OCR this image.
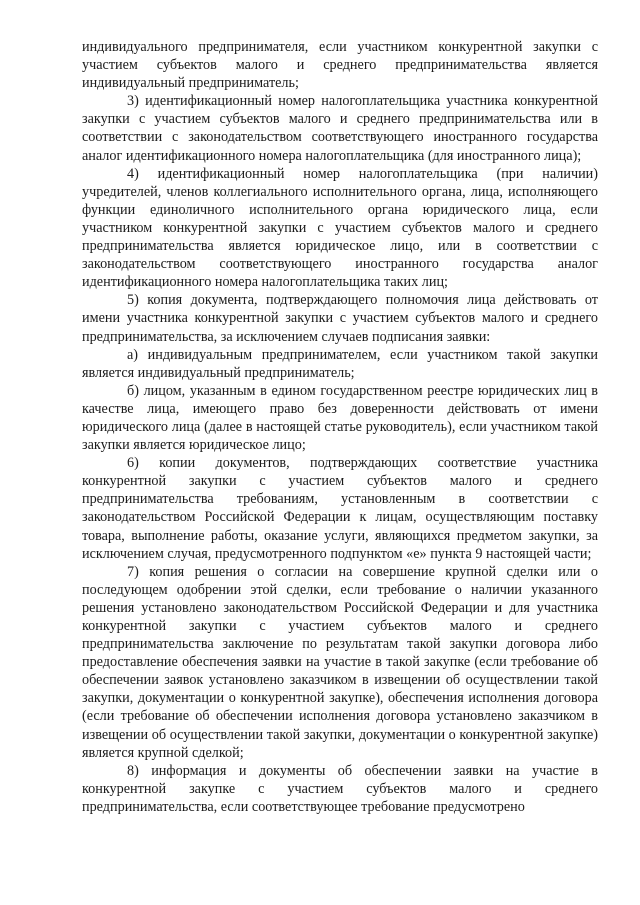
индивидуального предпринимателя, если участником конкурентной закупки с участием субъектов малого и среднего предпринимательства является индивидуальный предприниматель;

3) идентификационный номер налогоплательщика участника конкурентной закупки с участием субъектов малого и среднего предпринимательства или в соответствии с законодательством соответствующего иностранного государства аналог идентификационного номера налогоплательщика (для иностранного лица);

4) идентификационный номер налогоплательщика (при наличии) учредителей, членов коллегиального исполнительного органа, лица, исполняющего функции единоличного исполнительного органа юридического лица, если участником конкурентной закупки с участием субъектов малого и среднего предпринимательства является юридическое лицо, или в соответствии с законодательством соответствующего иностранного государства аналог идентификационного номера налогоплательщика таких лиц;

5) копия документа, подтверждающего полномочия лица действовать от имени участника конкурентной закупки с участием субъектов малого и среднего предпринимательства, за исключением случаев подписания заявки:

а) индивидуальным предпринимателем, если участником такой закупки является индивидуальный предприниматель;

б) лицом, указанным в едином государственном реестре юридических лиц в качестве лица, имеющего право без доверенности действовать от имени юридического лица (далее в настоящей статье руководитель), если участником такой закупки является юридическое лицо;

6) копии документов, подтверждающих соответствие участника конкурентной закупки с участием субъектов малого и среднего предпринимательства требованиям, установленным в соответствии с законодательством Российской Федерации к лицам, осуществляющим поставку товара, выполнение работы, оказание услуги, являющихся предметом закупки, за исключением случая, предусмотренного подпунктом «е» пункта 9 настоящей части;

7) копия решения о согласии на совершение крупной сделки или о последующем одобрении этой сделки, если требование о наличии указанного решения установлено законодательством Российской Федерации и для участника конкурентной закупки с участием субъектов малого и среднего предпринимательства заключение по результатам такой закупки договора либо предоставление обеспечения заявки на участие в такой закупке (если требование об обеспечении заявок установлено заказчиком в извещении об осуществлении такой закупки, документации о конкурентной закупке), обеспечения исполнения договора (если требование об обеспечении исполнения договора установлено заказчиком в извещении об осуществлении такой закупки, документации о конкурентной закупке) является крупной сделкой;

8) информация и документы об обеспечении заявки на участие в конкурентной закупке с участием субъектов малого и среднего предпринимательства, если соответствующее требование предусмотрено
